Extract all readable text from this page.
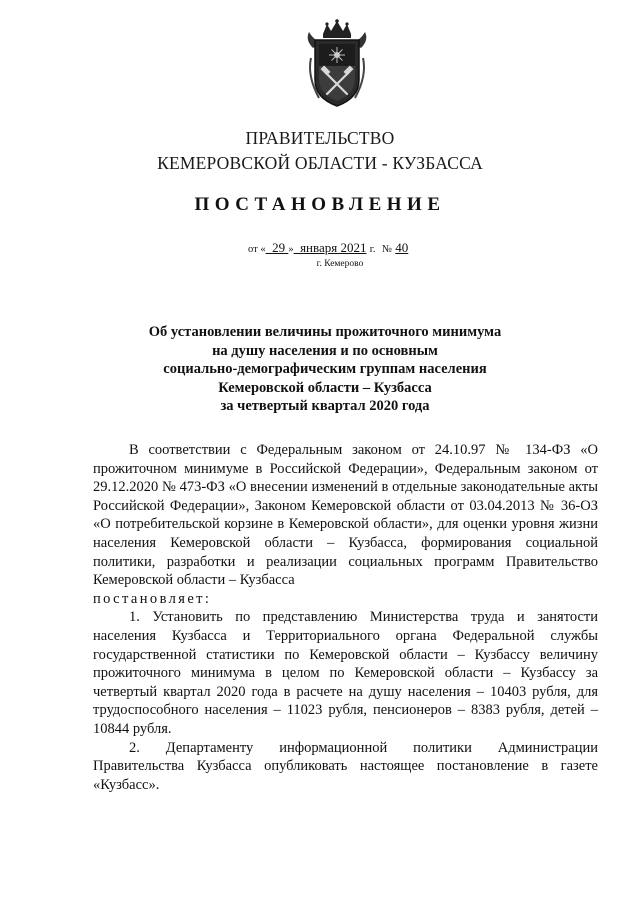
ПРАВИТЕЛЬСТВО
КЕМЕРОВСКОЙ ОБЛАСТИ - КУЗБАССА
ПОСТАНОВЛЕНИЕ
от « 29 » января 2021 г. № 40
г. Кемерово
Об установлении величины прожиточного минимума
на душу населения и по основным
социально-демографическим группам населения
Кемеровской области – Кузбасса
за четвертый квартал 2020 года

В соответствии с Федеральным законом от 24.10.97 № 134-ФЗ «О прожиточном минимуме в Российской Федерации», Федеральным законом от 29.12.2020 № 473-ФЗ «О внесении изменений в отдельные законодательные акты Российской Федерации», Законом Кемеровской области от 03.04.2013 № 36-ОЗ «О потребительской корзине в Кемеровской области», для оценки уровня жизни населения Кемеровской области – Кузбасса, формирования социальной политики, разработки и реализации социальных программ Правительство Кемеровской области – Кузбасса

постановляет:

1. Установить по представлению Министерства труда и занятости населения Кузбасса и Территориального органа Федеральной службы государственной статистики по Кемеровской области – Кузбассу величину прожиточного минимума в целом по Кемеровской области – Кузбассу за четвертый квартал 2020 года в расчете на душу населения – 10403 рубля, для трудоспособного населения – 11023 рубля, пенсионеров – 8383 рубля, детей – 10844 рубля.

2. Департаменту информационной политики Администрации Правительства Кузбасса опубликовать настоящее постановление в газете «Кузбасс».
